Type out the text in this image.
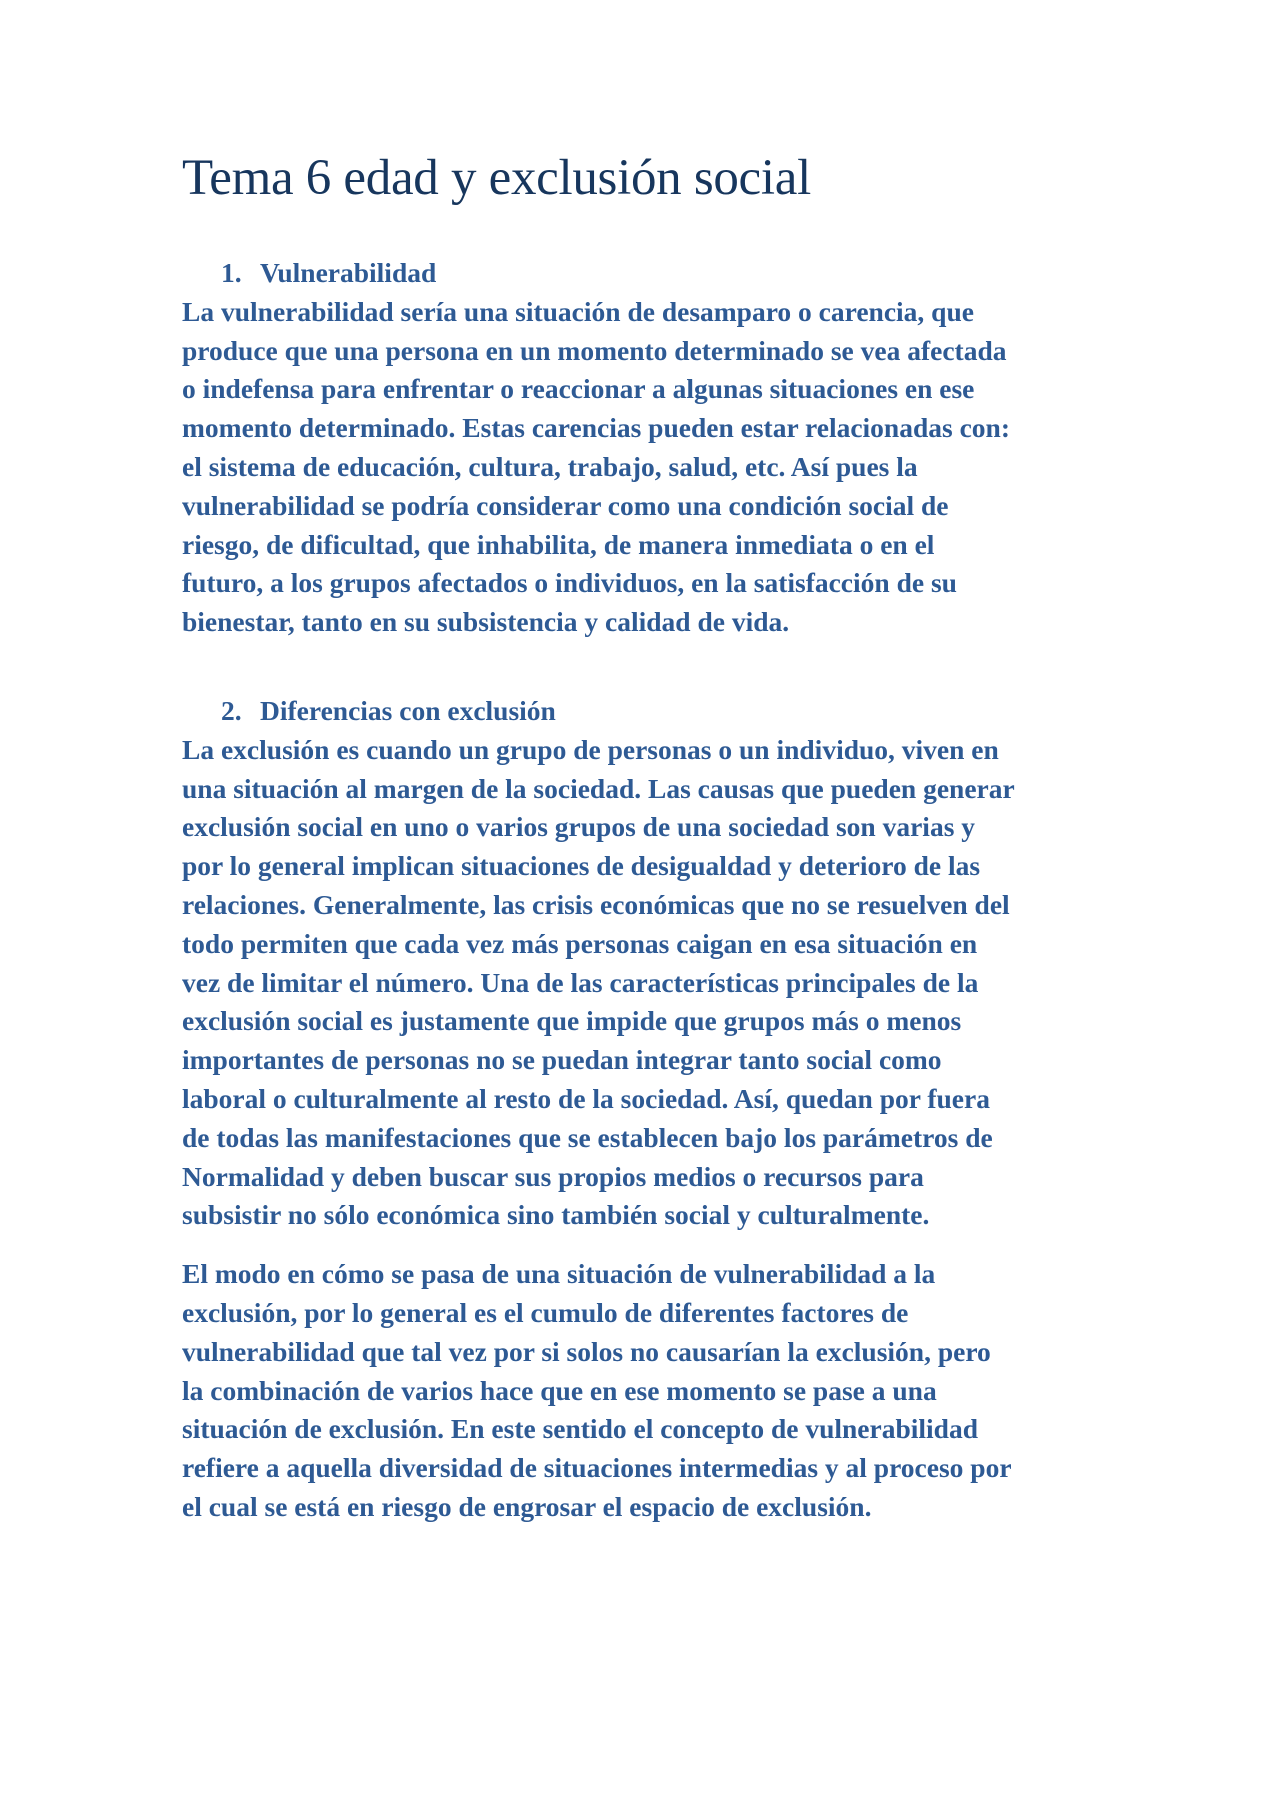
Tema 6 edad y exclusión social
1. Vulnerabilidad

La vulnerabilidad sería una situación de desamparo o carencia, que
produce que una persona en un momento determinado se vea afectada
o indefensa para enfrentar o reaccionar a algunas situaciones en ese
momento determinado. Estas carencias pueden estar relacionadas con:
el sistema de educación, cultura, trabajo, salud, etc. Así pues la
vulnerabilidad se podría considerar como una condición social de
riesgo, de dificultad, que inhabilita, de manera inmediata o en el
futuro, a los grupos afectados o individuos, en la satisfacción de su
bienestar, tanto en su subsistencia y calidad de vida.

2. Diferencias con exclusión

La exclusión es cuando un grupo de personas o un individuo, viven en
una situación al margen de la sociedad. Las causas que pueden generar
exclusión social en uno o varios grupos de una sociedad son varias y
por lo general implican situaciones de desigualdad y deterioro de las
relaciones. Generalmente, las crisis económicas que no se resuelven del
todo permiten que cada vez más personas caigan en esa situación en
vez de limitar el número. Una de las características principales de la
exclusión social es justamente que impide que grupos más o menos
importantes de personas no se puedan integrar tanto social como
laboral o culturalmente al resto de la sociedad. Así, quedan por fuera
de todas las manifestaciones que se establecen bajo los parámetros de
Normalidad y deben buscar sus propios medios o recursos para
subsistir no sólo económica sino también social y culturalmente.

El modo en cómo se pasa de una situación de vulnerabilidad a la
exclusión, por lo general es el cumulo de diferentes factores de
vulnerabilidad que tal vez por si solos no causarían la exclusión, pero
la combinación de varios hace que en ese momento se pase a una
situación de exclusión. En este sentido el concepto de vulnerabilidad
refiere a aquella diversidad de situaciones intermedias y al proceso por
el cual se está en riesgo de engrosar el espacio de exclusión.
